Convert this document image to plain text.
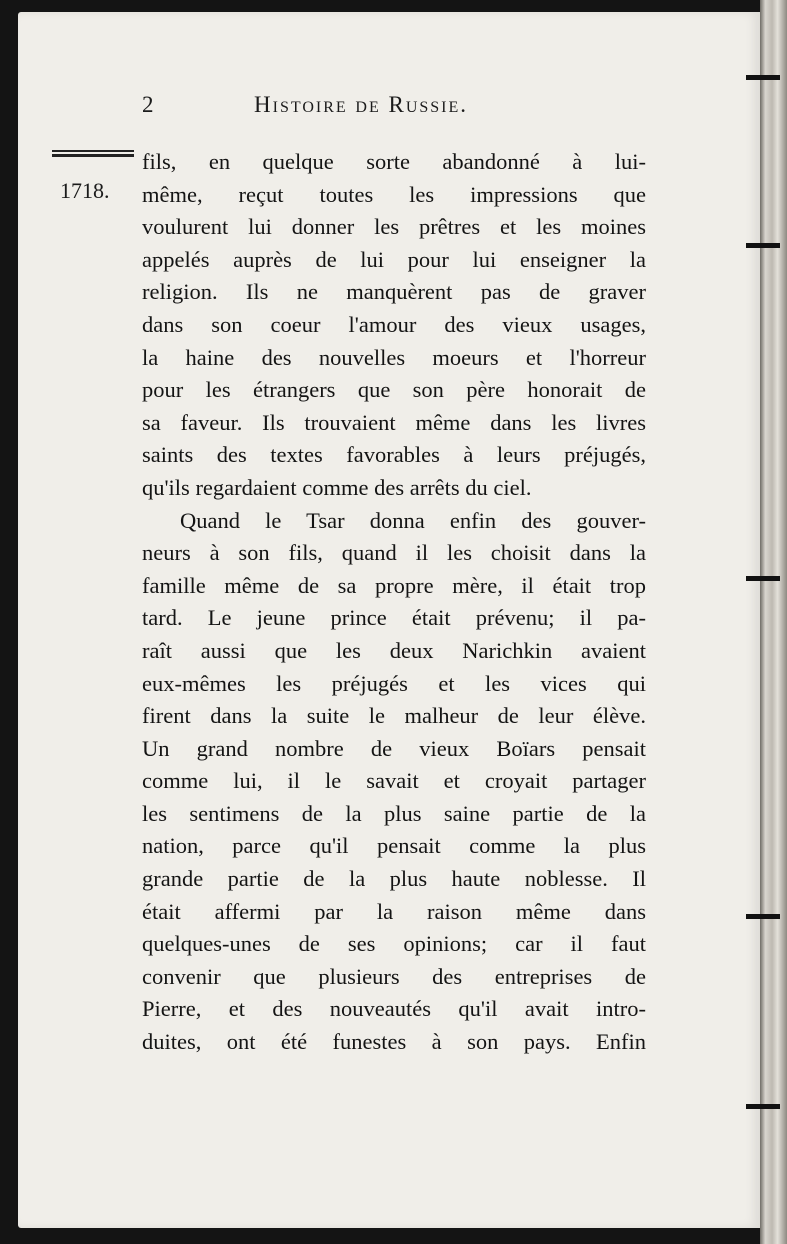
2	Histoire de Russie.
1718.
fils, en quelque sorte abandonné à lui-
même, reçut toutes les impressions que
voulurent lui donner les prêtres et les moines
appelés auprès de lui pour lui enseigner la
religion. Ils ne manquèrent pas de graver
dans son coeur l'amour des vieux usages,
la haine des nouvelles moeurs et l'horreur
pour les étrangers que son père honorait de
sa faveur. Ils trouvaient même dans les livres
saints des textes favorables à leurs préjugés,
qu'ils regardaient comme des arrêts du ciel.
Quand le Tsar donna enfin des gouver-
neurs à son fils, quand il les choisit dans la
famille même de sa propre mère, il était trop
tard. Le jeune prince était prévenu; il pa-
raît aussi que les deux Narichkin avaient
eux-mêmes les préjugés et les vices qui
firent dans la suite le malheur de leur élève.
Un grand nombre de vieux Boïars pensait
comme lui, il le savait et croyait partager
les sentimens de la plus saine partie de la
nation, parce qu'il pensait comme la plus
grande partie de la plus haute noblesse. Il
était affermi par la raison même dans
quelques-unes de ses opinions; car il faut
convenir que plusieurs des entreprises de
Pierre, et des nouveautés qu'il avait intro-
duites, ont été funestes à son pays. Enfin
